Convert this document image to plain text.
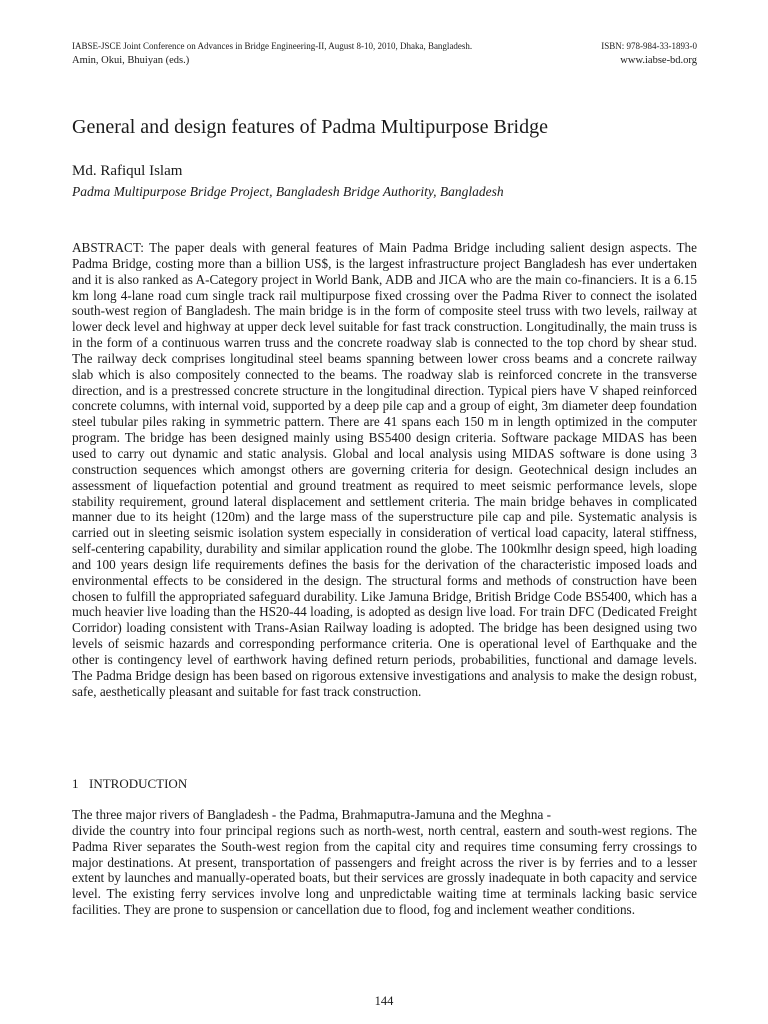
IABSE-JSCE Joint Conference on Advances in Bridge Engineering-II, August 8-10, 2010, Dhaka, Bangladesh.	ISBN: 978-984-33-1893-0
Amin, Okui, Bhuiyan (eds.)	www.iabse-bd.org
General and design features of Padma Multipurpose Bridge
Md. Rafiqul Islam
Padma Multipurpose Bridge Project, Bangladesh Bridge Authority, Bangladesh

ABSTRACT: The paper deals with general features of Main Padma Bridge including salient design aspects. The Padma Bridge, costing more than a billion US$, is the largest infrastructure project Bangladesh has ever undertaken and it is also ranked as A-Category project in World Bank, ADB and JICA who are the main co-financiers. It is a 6.15 km long 4-lane road cum single track rail multipurpose fixed crossing over the Padma River to connect the isolated south-west region of Bangladesh. The main bridge is in the form of composite steel truss with two levels, railway at lower deck level and highway at upper deck level suitable for fast track construction. Longitudinally, the main truss is in the form of a continuous warren truss and the concrete roadway slab is connected to the top chord by shear stud. The railway deck comprises longitudinal steel beams spanning between lower cross beams and a concrete railway slab which is also compositely connected to the beams. The roadway slab is reinforced concrete in the transverse direction, and is a prestressed concrete structure in the longitudinal direction. Typical piers have V shaped reinforced concrete columns, with internal void, supported by a deep pile cap and a group of eight, 3m diameter deep foundation steel tubular piles raking in symmetric pattern. There are 41 spans each 150 m in length optimized in the computer program. The bridge has been designed mainly using BS5400 design criteria. Software package MIDAS has been used to carry out dynamic and static analysis. Global and local analysis using MIDAS software is done using 3 construction sequences which amongst others are governing criteria for design. Geotechnical design includes an assessment of liquefaction potential and ground treatment as required to meet seismic performance levels, slope stability requirement, ground lateral displacement and settlement criteria. The main bridge behaves in complicated manner due to its height (120m) and the large mass of the superstructure pile cap and pile. Systematic analysis is carried out in sleeting seismic isolation system especially in consideration of vertical load capacity, lateral stiffness, self-centering capability, durability and similar application round the globe. The 100kmlhr design speed, high loading and 100 years design life requirements defines the basis for the derivation of the characteristic imposed loads and environmental effects to be considered in the design. The structural forms and methods of construction have been chosen to fulfill the appropriated safeguard durability. Like Jamuna Bridge, British Bridge Code BS5400, which has a much heavier live loading than the HS20-44 loading, is adopted as design live load. For train DFC (Dedicated Freight Corridor) loading consistent with Trans-Asian Railway loading is adopted. The bridge has been designed using two levels of seismic hazards and corresponding performance criteria. One is operational level of Earthquake and the other is contingency level of earthwork having defined return periods, probabilities, functional and damage levels. The Padma Bridge design has been based on rigorous extensive investigations and analysis to make the design robust, safe, aesthetically pleasant and suitable for fast track construction.

1 INTRODUCTION

The three major rivers of Bangladesh - the Padma, Brahmaputra-Jamuna and the Meghna -

divide the country into four principal regions such as north-west, north central, eastern and south-west regions. The Padma River separates the South-west region from the capital city and requires time consuming ferry crossings to major destinations. At present, transportation of passengers and freight across the river is by ferries and to a lesser extent by launches and manually-operated boats, but their services are grossly inadequate in both capacity and service level. The existing ferry services involve long and unpredictable waiting time at terminals lacking basic service facilities. They are prone to suspension or cancellation due to flood, fog and inclement weather conditions.

144
